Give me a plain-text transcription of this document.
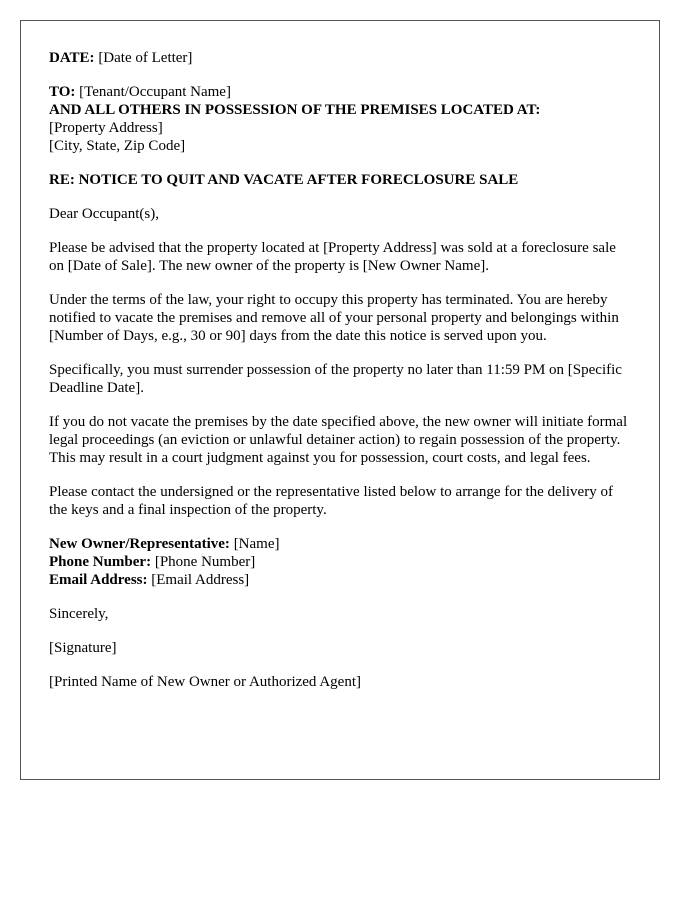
DATE: [Date of Letter]

TO: [Tenant/Occupant Name]

AND ALL OTHERS IN POSSESSION OF THE PREMISES LOCATED AT:

[Property Address]

[City, State, Zip Code]

RE: NOTICE TO QUIT AND VACATE AFTER FORECLOSURE SALE

Dear Occupant(s),

Please be advised that the property located at [Property Address] was sold at a foreclosure sale on [Date of Sale]. The new owner of the property is [New Owner Name].

Under the terms of the law, your right to occupy this property has terminated. You are hereby notified to vacate the premises and remove all of your personal property and belongings within [Number of Days, e.g., 30 or 90] days from the date this notice is served upon you.

Specifically, you must surrender possession of the property no later than 11:59 PM on [Specific Deadline Date].

If you do not vacate the premises by the date specified above, the new owner will initiate formal legal proceedings (an eviction or unlawful detainer action) to regain possession of the property. This may result in a court judgment against you for possession, court costs, and legal fees.

Please contact the undersigned or the representative listed below to arrange for the delivery of the keys and a final inspection of the property.

New Owner/Representative: [Name]

Phone Number: [Phone Number]

Email Address: [Email Address]

Sincerely,

[Signature]

[Printed Name of New Owner or Authorized Agent]
